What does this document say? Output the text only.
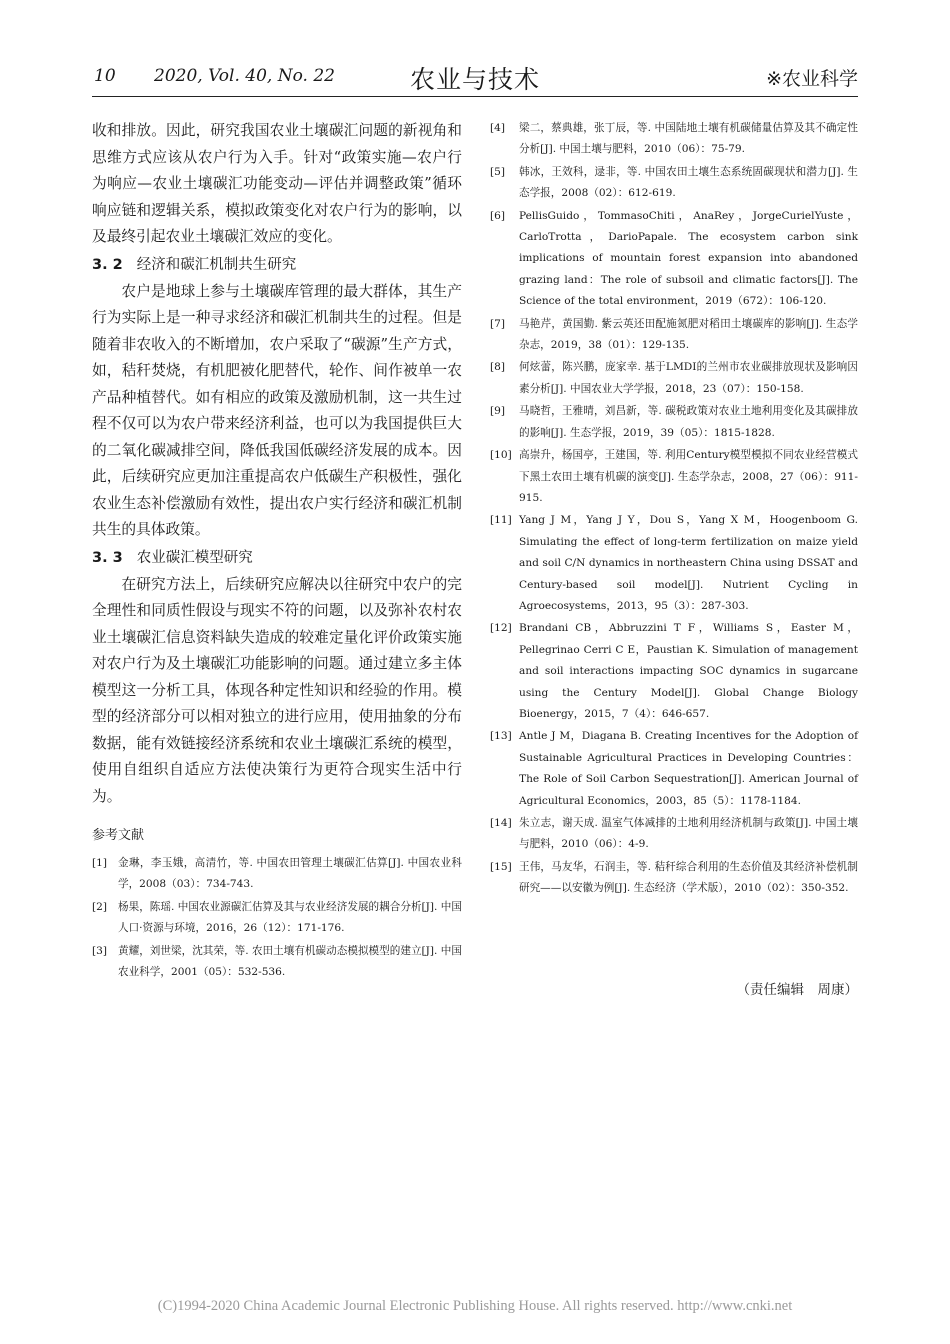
10 2020, Vol. 40, No. 22	农业与技术	※农业科学

收和排放。因此，研究我国农业土壤碳汇问题的新视角和思维方式应该从农户行为入手。针对“政策实施—农户行为响应—农业土壤碳汇功能变动—评估并调整政策”循环响应链和逻辑关系，模拟政策变化对农户行为的影响，以及最终引起农业土壤碳汇效应的变化。

3. 2 经济和碳汇机制共生研究

农户是地球上参与土壤碳库管理的最大群体，其生产行为实际上是一种寻求经济和碳汇机制共生的过程。但是随着非农收入的不断增加，农户采取了“碳源”生产方式，如，秸秆焚烧，有机肥被化肥替代，轮作、间作被单一农产品种植替代。如有相应的政策及激励机制，这一共生过程不仅可以为农户带来经济利益，也可以为我国提供巨大的二氧化碳减排空间，降低我国低碳经济发展的成本。因此，后续研究应更加注重提高农户低碳生产积极性，强化农业生态补偿激励有效性，提出农户实行经济和碳汇机制共生的具体政策。

3. 3 农业碳汇模型研究

在研究方法上，后续研究应解决以往研究中农户的完全理性和同质性假设与现实不符的问题，以及弥补农村农业土壤碳汇信息资料缺失造成的较难定量化评价政策实施对农户行为及土壤碳汇功能影响的问题。通过建立多主体模型这一分析工具，体现各种定性知识和经验的作用。模型的经济部分可以相对独立的进行应用，使用抽象的分布数据，能有效链接经济系统和农业土壤碳汇系统的模型，使用自组织自适应方法使决策行为更符合现实生活中行为。

参考文献

[1] 金琳，李玉娥，高清竹，等. 中国农田管理土壤碳汇估算[J]. 中国农业科学，2008（03）：734-743.

[2] 杨果，陈瑶. 中国农业源碳汇估算及其与农业经济发展的耦合分析[J]. 中国人口·资源与环境，2016，26（12）：171-176.

[3] 黄耀，刘世梁，沈其荣，等. 农田土壤有机碳动态模拟模型的建立[J]. 中国农业科学，2001（05）：532-536.

[4] 梁二，蔡典雄，张丁辰，等. 中国陆地土壤有机碳储量估算及其不确定性分析[J]. 中国土壤与肥料，2010（06）：75-79.

[5] 韩冰，王效科，逯非，等. 中国农田土壤生态系统固碳现状和潜力[J]. 生态学报，2008（02）：612-619.

[6] PellisGuido，TommasoChiti，AnaRey，JorgeCurielYuste，CarloTrotta，DarioPapale. The ecosystem carbon sink implications of mountain forest expansion into abandoned grazing land：The role of subsoil and climatic factors[J]. The Science of the total environment，2019（672）：106-120.

[7] 马艳芹，黄国勤. 紫云英还田配施氮肥对稻田土壤碳库的影响[J]. 生态学杂志，2019，38（01）：129-135.

[8] 何炫蕾，陈兴鹏，庞家幸. 基于LMDI的兰州市农业碳排放现状及影响因素分析[J]. 中国农业大学学报，2018，23（07）：150-158.

[9] 马晓哲，王雅晴，刘昌新，等. 碳税政策对农业土地利用变化及其碳排放的影响[J]. 生态学报，2019，39（05）：1815-1828.

[10] 高崇升，杨国亭，王建国，等. 利用Century模型模拟不同农业经营模式下黑土农田土壤有机碳的演变[J]. 生态学杂志，2008，27（06）：911-915.

[11] Yang J M，Yang J Y，Dou S，Yang X M，Hoogenboom G. Simulating the effect of long-term fertilization on maize yield and soil C/N dynamics in northeastern China using DSSAT and Century-based soil model[J]. Nutrient Cycling in Agroecosystems，2013，95（3）：287-303.

[12] Brandani CB，Abbruzzini T F，Williams S，Easter M，Pellegrinao Cerri C E，Paustian K. Simulation of management and soil interactions impacting SOC dynamics in sugarcane using the Century Model[J]. Global Change Biology Bioenergy，2015，7（4）：646-657.

[13] Antle J M，Diagana B. Creating Incentives for the Adoption of Sustainable Agricultural Practices in Developing Countries：The Role of Soil Carbon Sequestration[J]. American Journal of Agricultural Economics，2003，85（5）：1178-1184.

[14] 朱立志，谢天成. 温室气体减排的土地利用经济机制与政策[J]. 中国土壤与肥料，2010（06）：4-9.

[15] 王伟，马友华，石润圭，等. 秸秆综合利用的生态价值及其经济补偿机制研究——以安徽为例[J]. 生态经济（学术版），2010（02）：350-352.

（责任编辑　周康）
(C)1994-2020 China Academic Journal Electronic Publishing House. All rights reserved. http://www.cnki.net
